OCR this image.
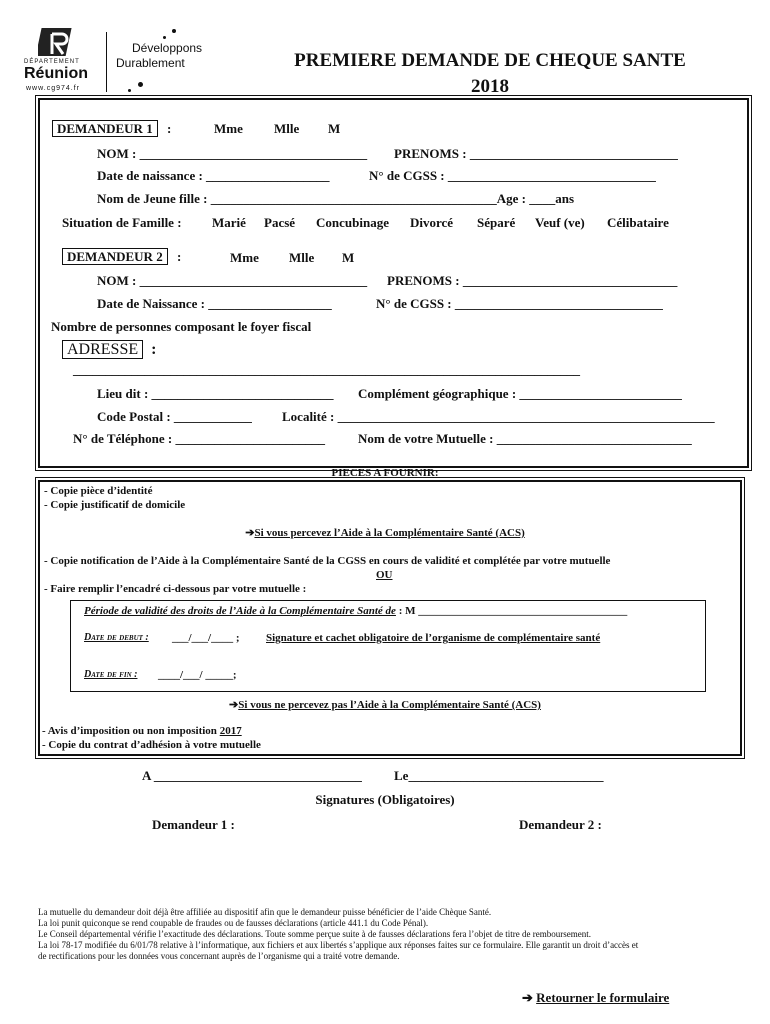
DÉPARTEMENT
Réunion
www.cg974.fr
Développons
Durablement	PREMIERE DEMANDE DE CHEQUE SANTE
2018
DEMANDEUR 1 :	Mme Mlle M
NOM : ___________________________________ PRENOMS : ________________________________
Date de naissance : ___________________	N° de CGSS : ________________________________
Nom de Jeune fille : ____________________________________________Age : ____ans
Situation de Famille : Marié Pacsé Concubinage Divorcé Séparé Veuf (ve) Célibataire
DEMANDEUR 2 :	Mme Mlle M
NOM : ___________________________________ PRENOMS : _________________________________
Date de Naissance : ___________________	N° de CGSS : ________________________________
Nombre de personnes composant le foyer fiscal
ADRESSE :
______________________________________________________________________________
Lieu dit : ____________________________ Complément géographique : _________________________
Code Postal : ____________ Localité : __________________________________________________________
N° de Téléphone : _______________________	Nom de votre Mutuelle : ______________________________
PIECES A FOURNIR:
- Copie pièce d’identité
- Copie justificatif de domicile
➔Si vous percevez l’Aide à la Complémentaire Santé (ACS)
- Copie notification de l’Aide à la Complémentaire Santé de la CGSS en cours de validité et complétée par votre mutuelle
OU
- Faire remplir l’encadré ci-dessous par votre mutuelle :
Période de validité des droits de l’Aide à la Complémentaire Santé de : M ______________________________________
Date de debut : ___/___/____ ; Signature et cachet obligatoire de l’organisme de complémentaire santé
Date de fin : ____/___/ _____;
➔Si vous ne percevez pas l’Aide à la Complémentaire Santé (ACS)
- Avis d’imposition ou non imposition 2017
- Copie du contrat d’adhésion à votre mutuelle
A ________________________________ Le______________________________
Signatures (Obligatoires)
Demandeur 1 :	Demandeur 2 :
La mutuelle du demandeur doit déjà être affiliée au dispositif afin que le demandeur puisse bénéficier de l’aide Chèque Santé.
La loi punit quiconque se rend coupable de fraudes ou de fausses déclarations (article 441.1 du Code Pénal).
Le Conseil départemental vérifie l’exactitude des déclarations. Toute somme perçue suite à de fausses déclarations fera l’objet de titre de remboursement.
La loi 78-17 modifiée du 6/01/78 relative à l’informatique, aux fichiers et aux libertés s’applique aux réponses faites sur ce formulaire. Elle garantit un droit d’accès et
de rectifications pour les données vous concernant auprès de l’organisme qui a traité votre demande.
➔ Retourner le formulaire
